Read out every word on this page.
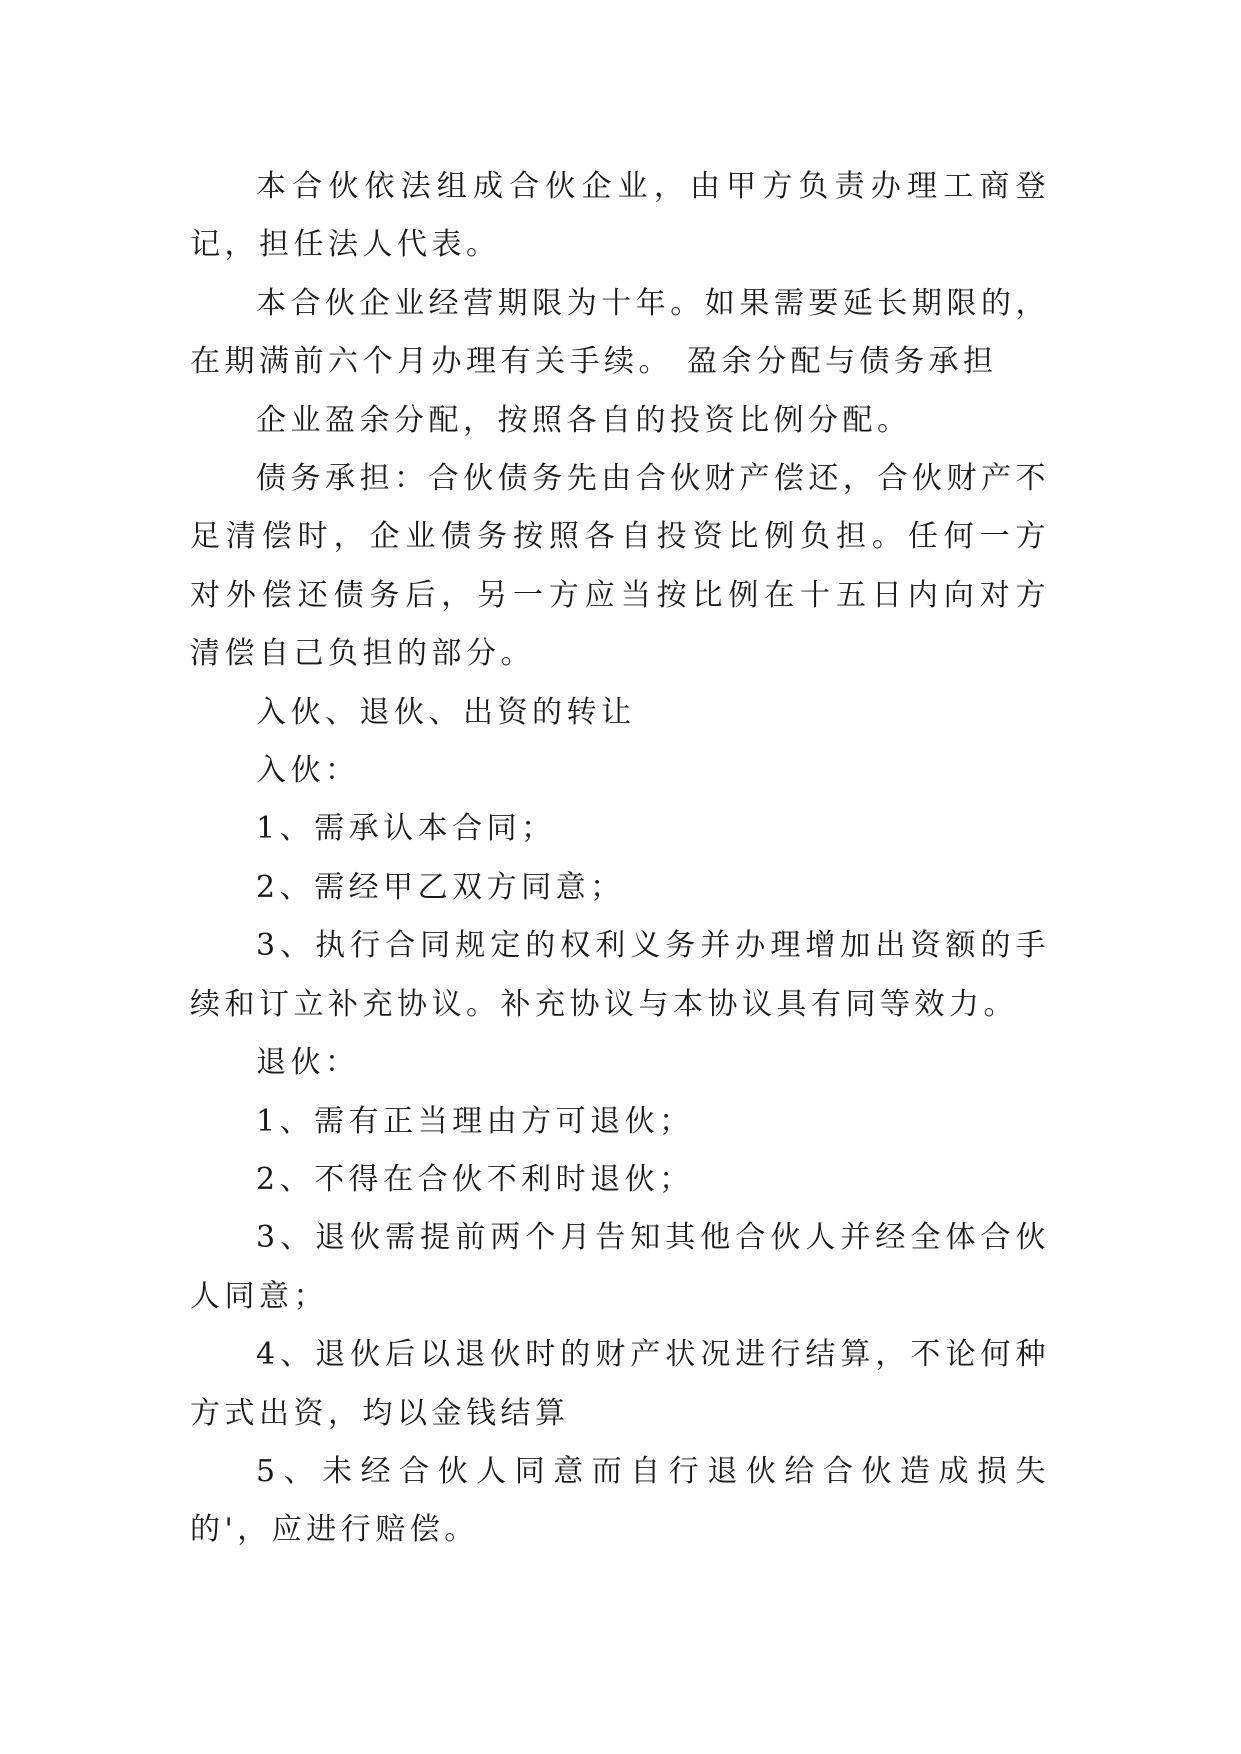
本合伙依法组成合伙企业，由甲方负责办理工商登记，担任法人代表。

本合伙企业经营期限为十年。如果需要延长期限的，在期满前六个月办理有关手续。 盈余分配与债务承担

企业盈余分配，按照各自的投资比例分配。

债务承担：合伙债务先由合伙财产偿还，合伙财产不足清偿时，企业债务按照各自投资比例负担。任何一方对外偿还债务后，另一方应当按比例在十五日内向对方清偿自己负担的部分。

入伙、退伙、出资的转让

入伙：

1、需承认本合同；

2、需经甲乙双方同意；

3、执行合同规定的权利义务并办理增加出资额的手续和订立补充协议。补充协议与本协议具有同等效力。

退伙：

1、需有正当理由方可退伙；

2、不得在合伙不利时退伙；

3、退伙需提前两个月告知其他合伙人并经全体合伙人同意；

4、退伙后以退伙时的财产状况进行结算，不论何种方式出资，均以金钱结算

5、未经合伙人同意而自行退伙给合伙造成损失的'，应进行赔偿。
